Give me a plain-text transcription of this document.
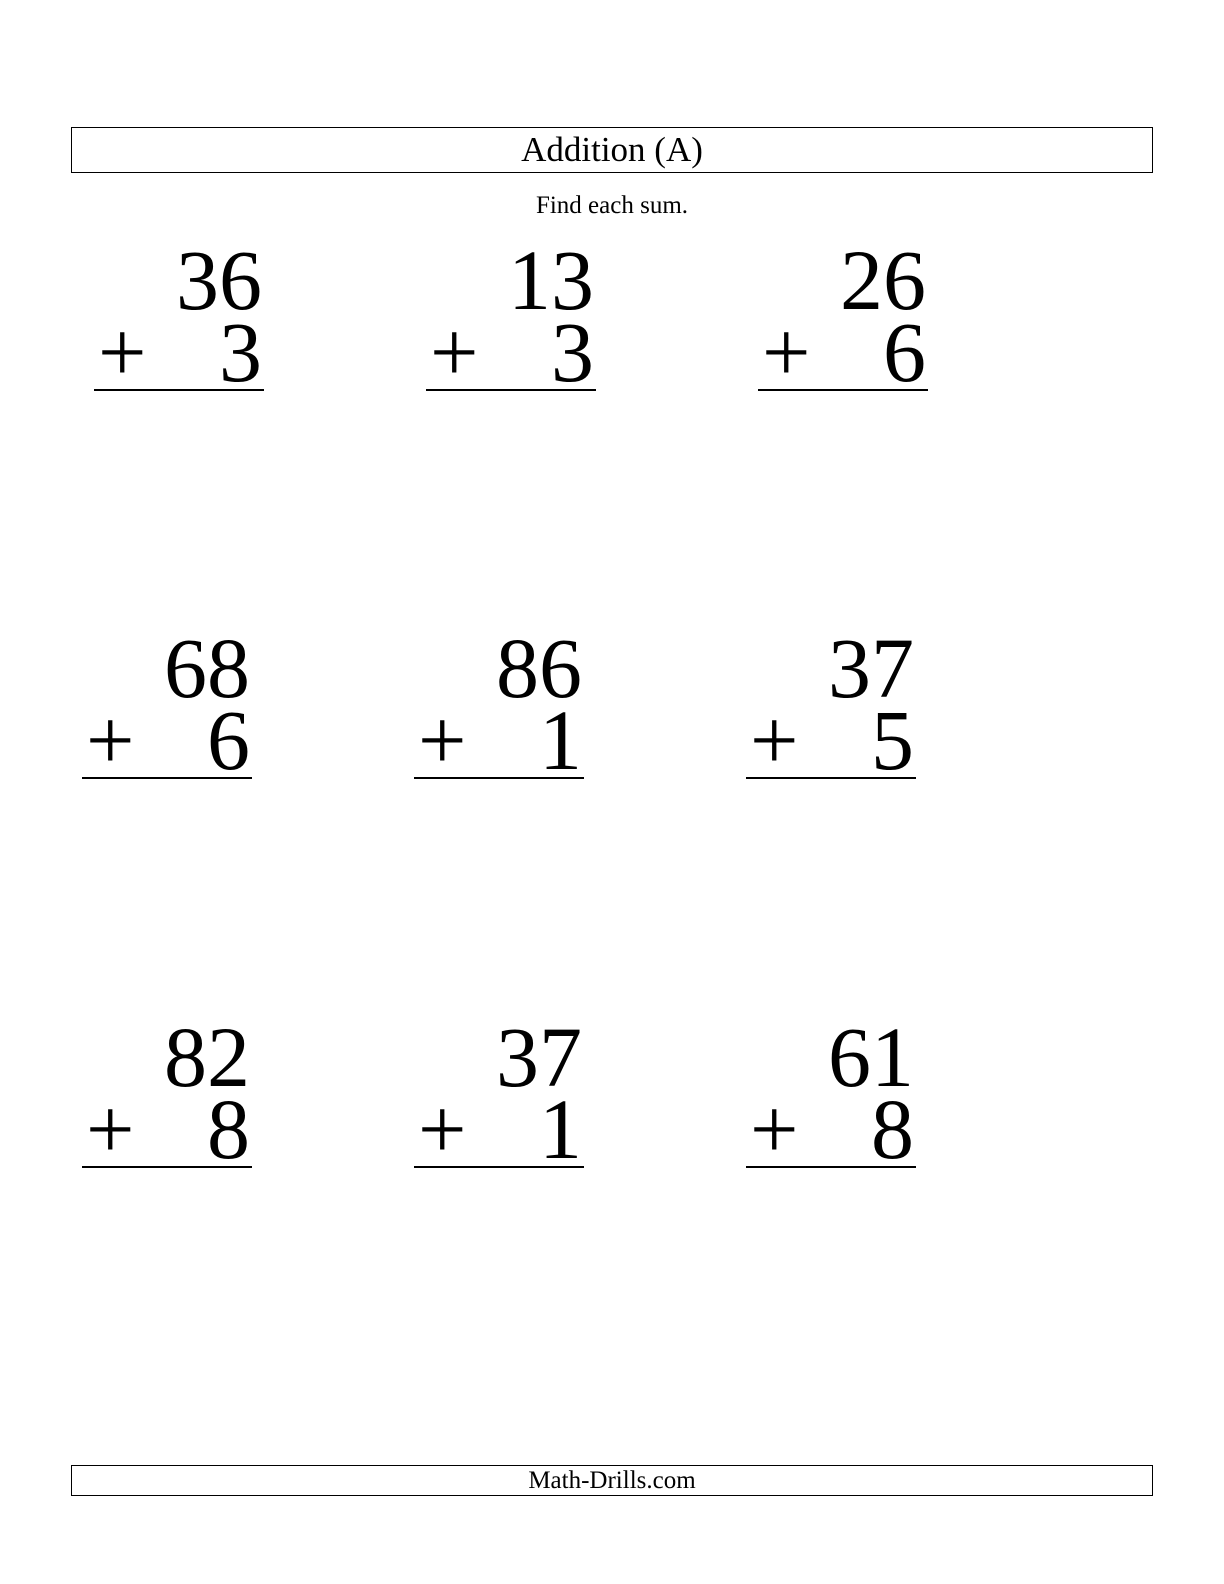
Addition (A)
Find each sum.
36
+ 3
13
+ 3
26
+ 6
68
+ 6
86
+ 1
37
+ 5
82
+ 8
37
+ 1
61
+ 8
Math-Drills.com
